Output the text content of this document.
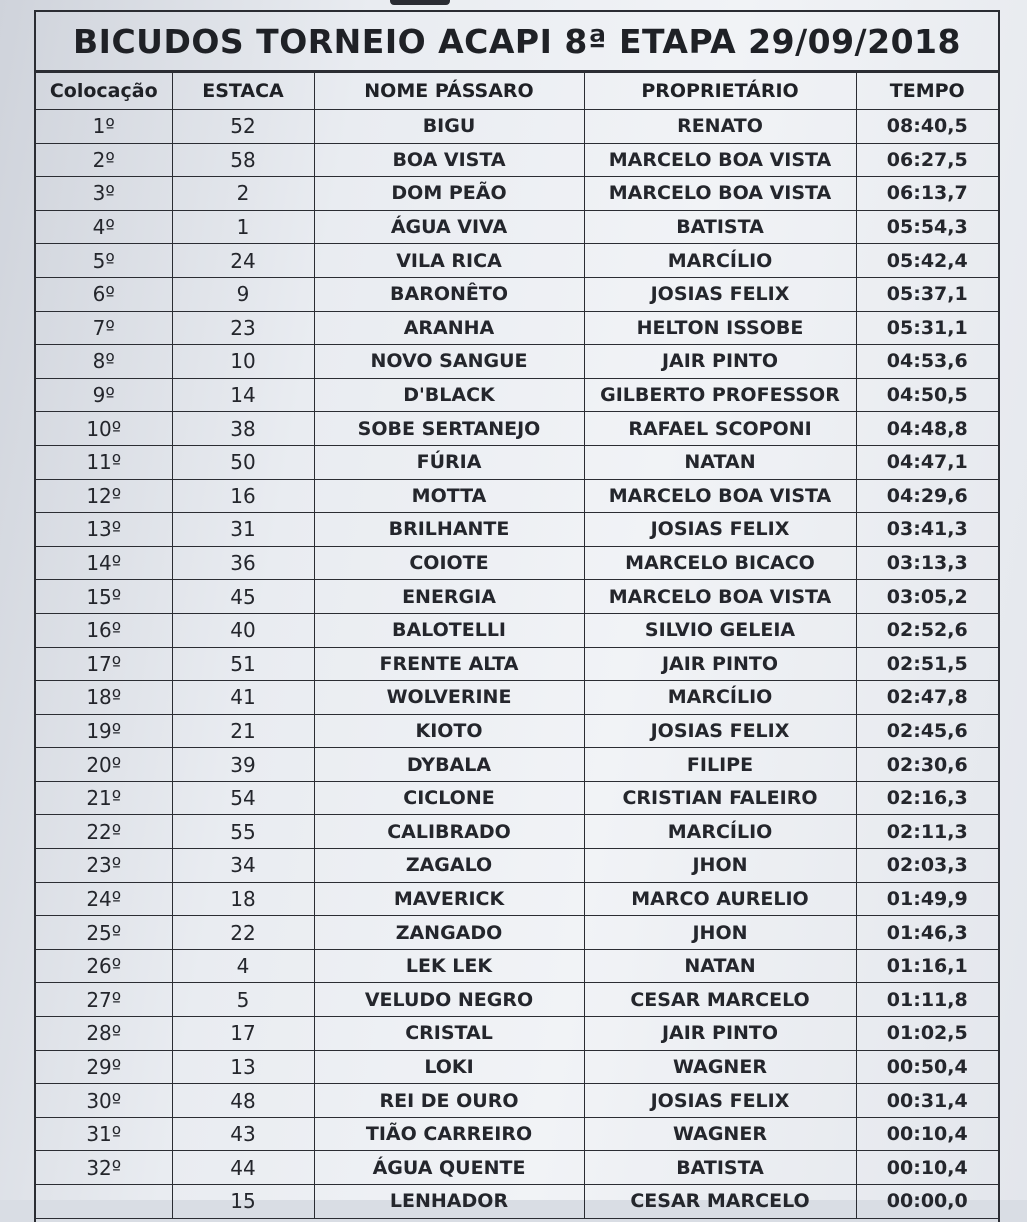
BICUDOS TORNEIO ACAPI 8ª ETAPA 29/09/2018
Colocação	ESTACA	NOME PÁSSARO	PROPRIETÁRIO	TEMPO
1º	52	BIGU	RENATO	08:40,5
2º	58	BOA VISTA	MARCELO BOA VISTA	06:27,5
3º	2	DOM PEÃO	MARCELO BOA VISTA	06:13,7
4º	1	ÁGUA VIVA	BATISTA	05:54,3
5º	24	VILA RICA	MARCÍLIO	05:42,4
6º	9	BARONÊTO	JOSIAS FELIX	05:37,1
7º	23	ARANHA	HELTON ISSOBE	05:31,1
8º	10	NOVO SANGUE	JAIR PINTO	04:53,6
9º	14	D'BLACK	GILBERTO PROFESSOR	04:50,5
10º	38	SOBE SERTANEJO	RAFAEL SCOPONI	04:48,8
11º	50	FÚRIA	NATAN	04:47,1
12º	16	MOTTA	MARCELO BOA VISTA	04:29,6
13º	31	BRILHANTE	JOSIAS FELIX	03:41,3
14º	36	COIOTE	MARCELO BICACO	03:13,3
15º	45	ENERGIA	MARCELO BOA VISTA	03:05,2
16º	40	BALOTELLI	SILVIO GELEIA	02:52,6
17º	51	FRENTE ALTA	JAIR PINTO	02:51,5
18º	41	WOLVERINE	MARCÍLIO	02:47,8
19º	21	KIOTO	JOSIAS FELIX	02:45,6
20º	39	DYBALA	FILIPE	02:30,6
21º	54	CICLONE	CRISTIAN FALEIRO	02:16,3
22º	55	CALIBRADO	MARCÍLIO	02:11,3
23º	34	ZAGALO	JHON	02:03,3
24º	18	MAVERICK	MARCO AURELIO	01:49,9
25º	22	ZANGADO	JHON	01:46,3
26º	4	LEK LEK	NATAN	01:16,1
27º	5	VELUDO NEGRO	CESAR MARCELO	01:11,8
28º	17	CRISTAL	JAIR PINTO	01:02,5
29º	13	LOKI	WAGNER	00:50,4
30º	48	REI DE OURO	JOSIAS FELIX	00:31,4
31º	43	TIÃO CARREIRO	WAGNER	00:10,4
32º	44	ÁGUA QUENTE	BATISTA	00:10,4
	15	LENHADOR	CESAR MARCELO	00:00,0
